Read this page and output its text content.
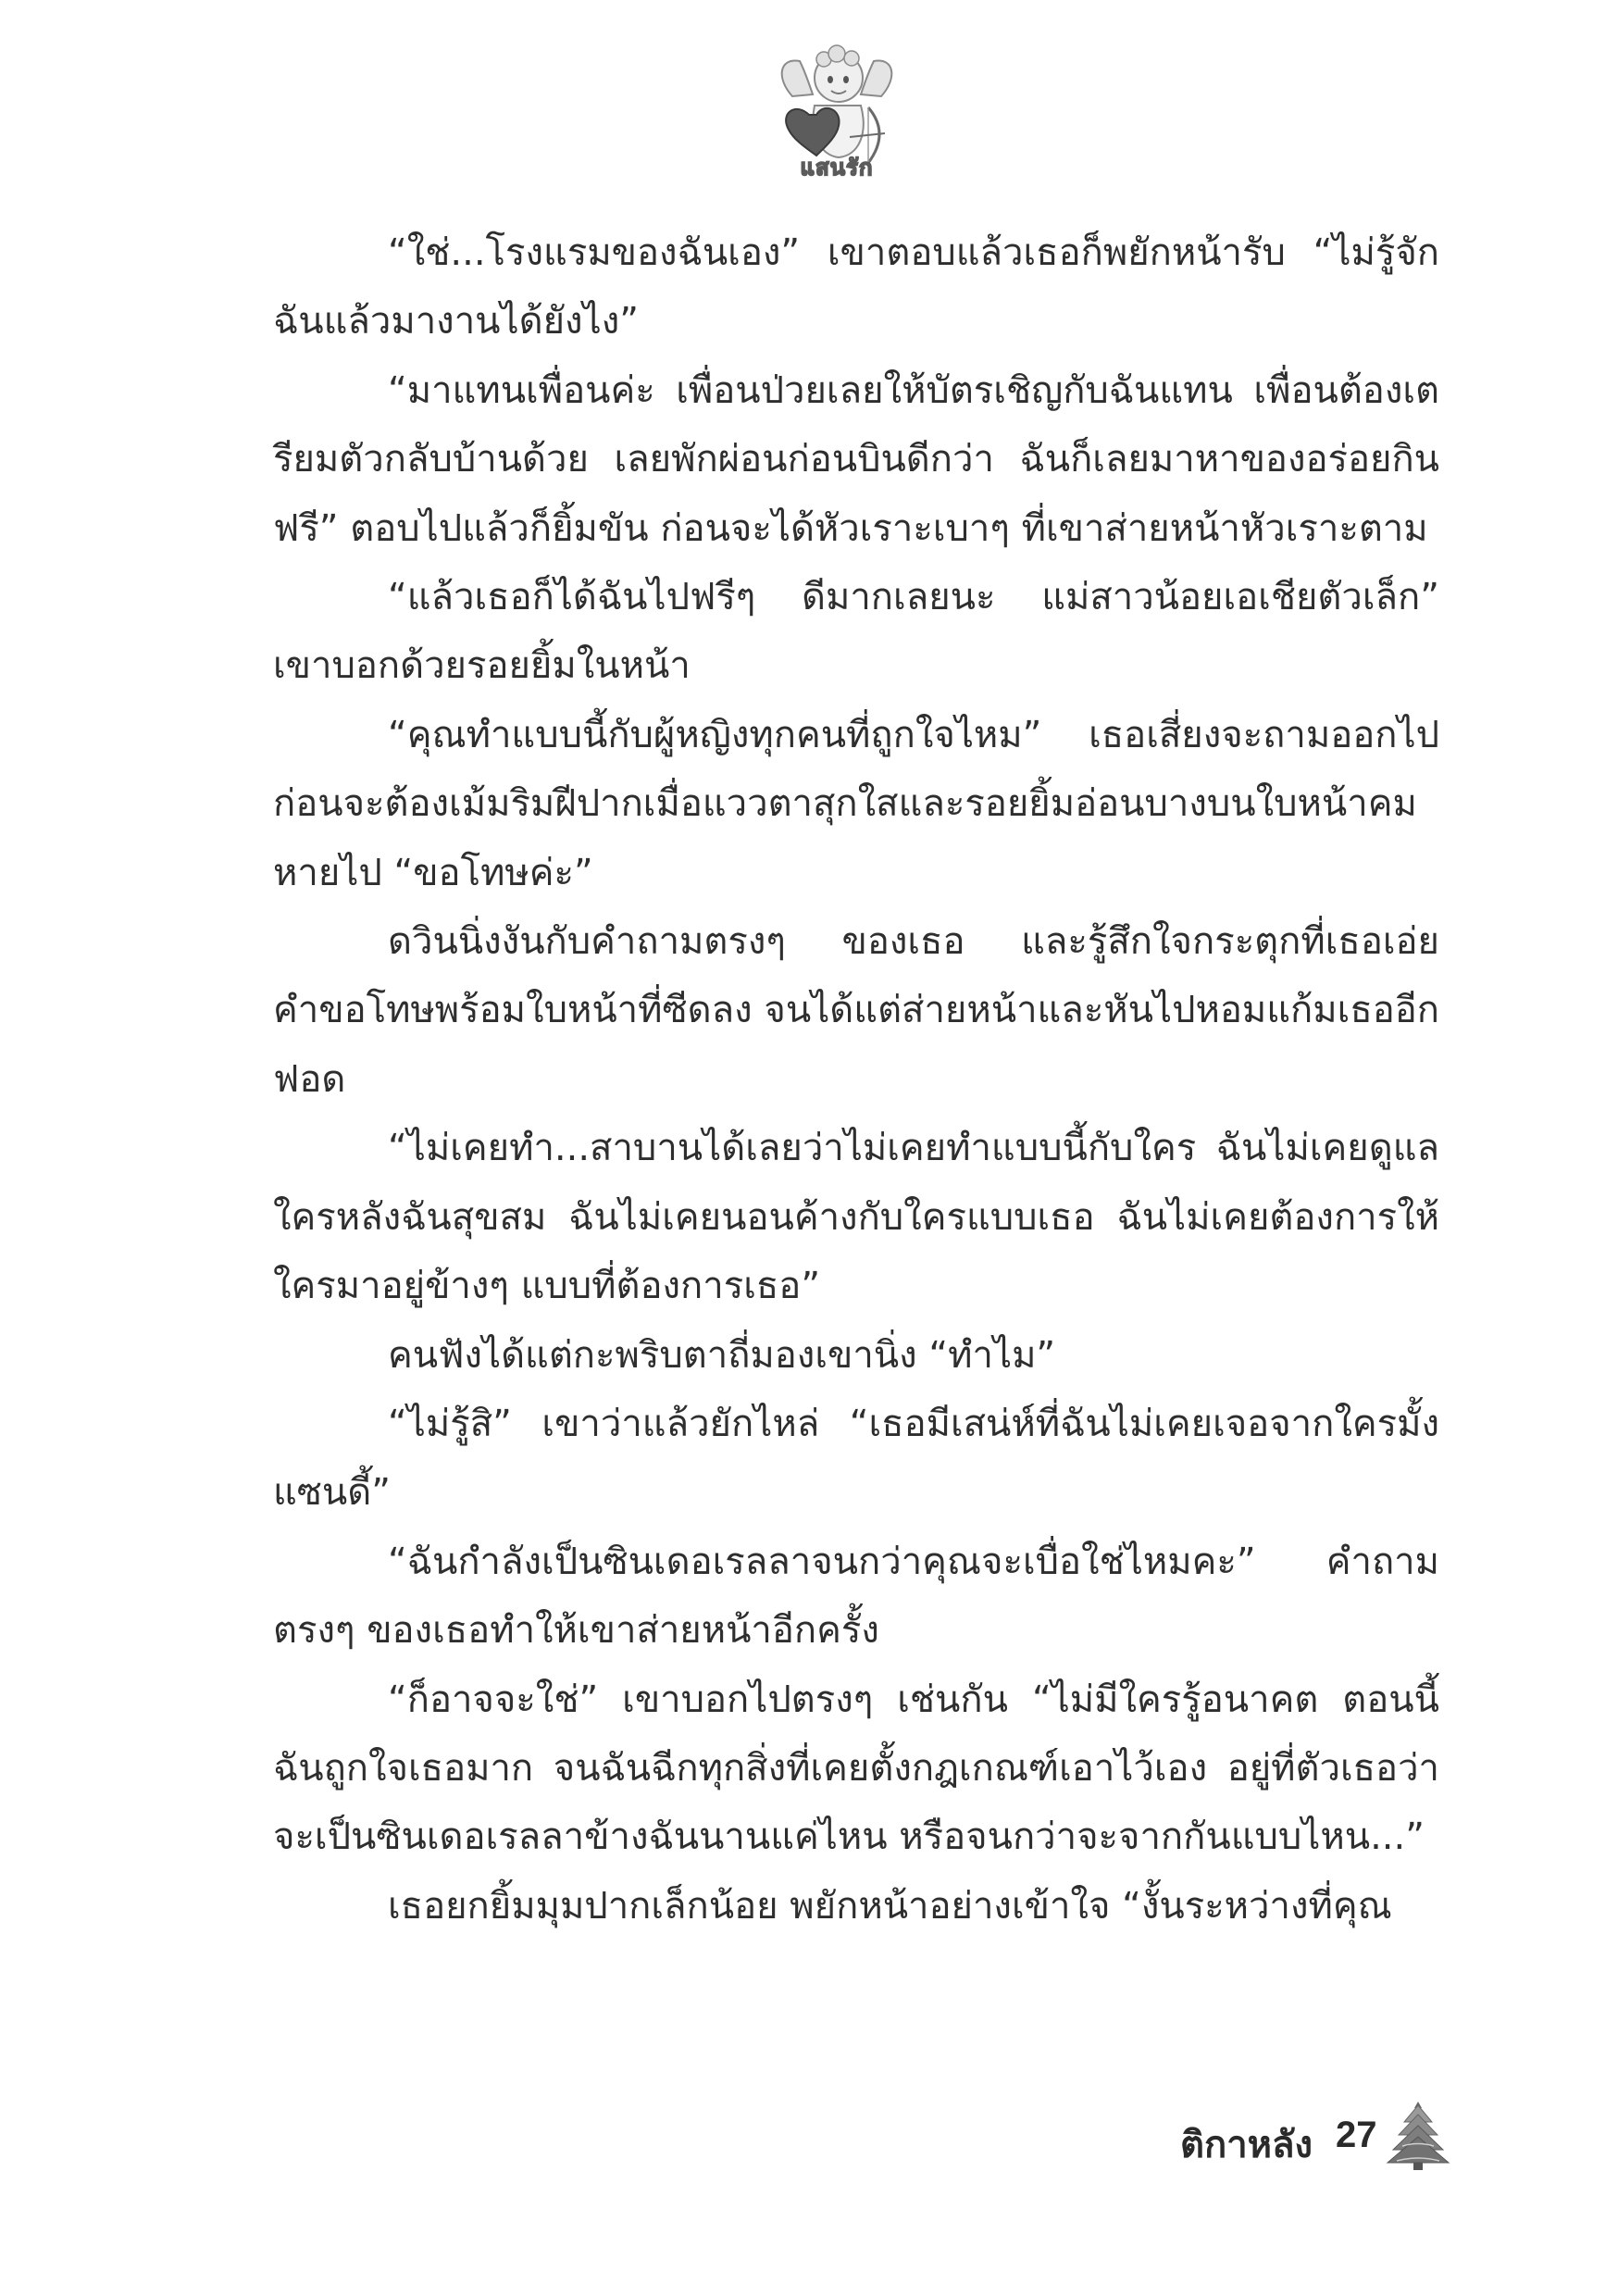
แสนรัก

“ใช่...โรงแรมของฉันเอง” เขาตอบแล้วเธอก็พยักหน้ารับ “ไม่รู้จักฉันแล้วมางานได้ยังไง”

“มาแทนเพื่อนค่ะ เพื่อนป่วยเลยให้บัตรเชิญกับฉันแทน เพื่อนต้องเตรียมตัวกลับบ้านด้วย เลยพักผ่อนก่อนบินดีกว่า ฉันก็เลยมาหาของอร่อยกินฟรี” ตอบไปแล้วก็ยิ้มขัน ก่อนจะได้หัวเราะเบาๆ ที่เขาส่ายหน้าหัวเราะตาม

“แล้วเธอก็ได้ฉันไปฟรีๆ ดีมากเลยนะ แม่สาวน้อยเอเชียตัวเล็ก” เขาบอกด้วยรอยยิ้มในหน้า

“คุณทำแบบนี้กับผู้หญิงทุกคนที่ถูกใจไหม” เธอเสี่ยงจะถามออกไป ก่อนจะต้องเม้มริมฝีปากเมื่อแววตาสุกใสและรอยยิ้มอ่อนบางบนใบหน้าคมหายไป “ขอโทษค่ะ”

ดวินนิ่งงันกับคำถามตรงๆ ของเธอ และรู้สึกใจกระตุกที่เธอเอ่ยคำขอโทษพร้อมใบหน้าที่ซีดลง จนได้แต่ส่ายหน้าและหันไปหอมแก้มเธออีกฟอด

“ไม่เคยทำ...สาบานได้เลยว่าไม่เคยทำแบบนี้กับใคร ฉันไม่เคยดูแลใครหลังฉันสุขสม ฉันไม่เคยนอนค้างกับใครแบบเธอ ฉันไม่เคยต้องการให้ใครมาอยู่ข้างๆ แบบที่ต้องการเธอ”

คนฟังได้แต่กะพริบตาถี่มองเขานิ่ง “ทำไม”

“ไม่รู้สิ” เขาว่าแล้วยักไหล่ “เธอมีเสน่ห์ที่ฉันไม่เคยเจอจากใครมั้งแซนดี้”

“ฉันกำลังเป็นซินเดอเรลลาจนกว่าคุณจะเบื่อใช่ไหมคะ” คำถามตรงๆ ของเธอทำให้เขาส่ายหน้าอีกครั้ง

“ก็อาจจะใช่” เขาบอกไปตรงๆ เช่นกัน “ไม่มีใครรู้อนาคต ตอนนี้ฉันถูกใจเธอมาก จนฉันฉีกทุกสิ่งที่เคยตั้งกฎเกณฑ์เอาไว้เอง อยู่ที่ตัวเธอว่าจะเป็นซินเดอเรลลาข้างฉันนานแค่ไหน หรือจนกว่าจะจากกันแบบไหน...”

เธอยกยิ้มมุมปากเล็กน้อย พยักหน้าอย่างเข้าใจ “งั้นระหว่างที่คุณ

ติกาหลัง 27
